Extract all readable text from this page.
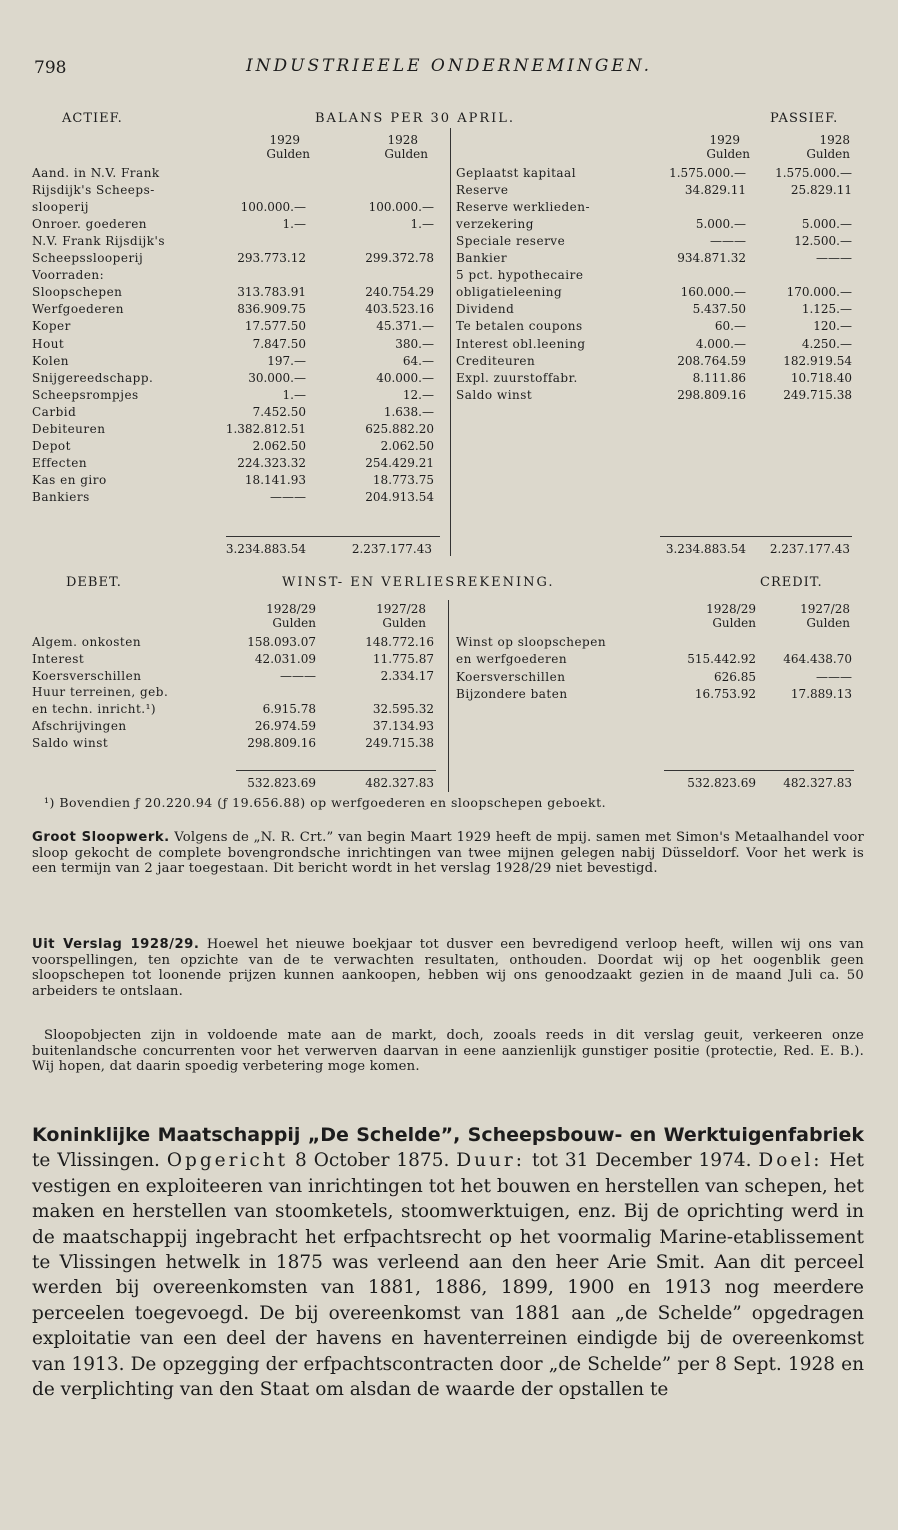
798	INDUSTRIEELE ONDERNEMINGEN.
ACTIEF.	BALANS PER 30 APRIL.	PASSIEF.
1929	1928
Gulden	Gulden
1929	1928
Gulden	Gulden
Aand. in N.V. Frank
Rijsdijk's Scheeps-
slooperij	100.000.—	100.000.—
Onroer. goederen	1.—	1.—
N.V. Frank Rijsdijk's
Scheepsslooperij	293.773.12	299.372.78
Voorraden:
Sloopschepen	313.783.91	240.754.29
Werfgoederen	836.909.75	403.523.16
Koper	17.577.50	45.371.—
Hout	7.847.50	380.—
Kolen	197.—	64.—
Snijgereedschapp.	30.000.—	40.000.—
Scheepsrompjes	1.—	12.—
Carbid	7.452.50	1.638.—
Debiteuren	1.382.812.51	625.882.20
Depot	2.062.50	2.062.50
Effecten	224.323.32	254.429.21
Kas en giro	18.141.93	18.773.75
Bankiers	———	204.913.54
Geplaatst kapitaal	1.575.000.—	1.575.000.—
Reserve	34.829.11	25.829.11
Reserve werklieden-
verzekering	5.000.—	5.000.—
Speciale reserve	———	12.500.—
Bankier	934.871.32	———
5 pct. hypothecaire
obligatieleening	160.000.—	170.000.—
Dividend	5.437.50	1.125.—
Te betalen coupons	60.—	120.—
Interest obl.leening	4.000.—	4.250.—
Crediteuren	208.764.59	182.919.54
Expl. zuurstoffabr.	8.111.86	10.718.40
Saldo winst	298.809.16	249.715.38
3.234.883.54	2.237.177.43	3.234.883.54	2.237.177.43
DEBET.	WINST- EN VERLIESREKENING.	CREDIT.
1928/29	1927/28
Gulden	Gulden
1928/29	1927/28
Gulden	Gulden
Algem. onkosten	158.093.07	148.772.16
Interest	42.031.09	11.775.87
Koersverschillen	———	2.334.17
Huur terreinen, geb.
en techn. inricht.¹)	6.915.78	32.595.32
Afschrijvingen	26.974.59	37.134.93
Saldo winst	298.809.16	249.715.38
Winst op sloopschepen
en werfgoederen	515.442.92	464.438.70
Koersverschillen	626.85	———
Bijzondere baten	16.753.92	17.889.13
532.823.69	482.327.83	532.823.69	482.327.83
¹) Bovendien ƒ 20.220.94 (ƒ 19.656.88) op werfgoederen en sloopschepen geboekt.
Groot Sloopwerk. Volgens de „N. R. Crt.” van begin Maart 1929 heeft de mpij. samen met Simon's Metaalhandel voor sloop gekocht de complete bovengrondsche inrichtingen van twee mijnen gelegen nabij Düsseldorf. Voor het werk is een termijn van 2 jaar toegestaan. Dit bericht wordt in het verslag 1928/29 niet bevestigd.
Uit Verslag 1928/29. Hoewel het nieuwe boekjaar tot dusver een bevredigend verloop heeft, willen wij ons van voorspellingen, ten opzichte van de te verwachten resultaten, onthouden. Doordat wij op het oogenblik geen sloopschepen tot loonende prijzen kunnen aankoopen, hebben wij ons genoodzaakt gezien in de maand Juli ca. 50 arbeiders te ontslaan.
Sloopobjecten zijn in voldoende mate aan de markt, doch, zooals reeds in dit verslag geuit, verkeeren onze buitenlandsche concurrenten voor het verwerven daarvan in eene aanzienlijk gunstiger positie (protectie, Red. E. B.). Wij hopen, dat daarin spoedig verbetering moge komen.
Koninklijke Maatschappij „De Schelde”, Scheepsbouw- en Werktuigenfabriek te Vlissingen. Opgericht 8 October 1875. Duur: tot 31 December 1974. Doel: Het vestigen en exploiteeren van inrichtingen tot het bouwen en herstellen van schepen, het maken en herstellen van stoomketels, stoomwerktuigen, enz. Bij de oprichting werd in de maatschappij ingebracht het erfpachtsrecht op het voormalig Marine-etablissement te Vlissingen hetwelk in 1875 was verleend aan den heer Arie Smit. Aan dit perceel werden bij overeenkomsten van 1881, 1886, 1899, 1900 en 1913 nog meerdere perceelen toegevoegd. De bij overeenkomst van 1881 aan „de Schelde” opgedragen exploitatie van een deel der havens en haventerreinen eindigde bij de overeenkomst van 1913. De opzegging der erfpachtscontracten door „de Schelde” per 8 Sept. 1928 en de verplichting van den Staat om alsdan de waarde der opstallen te
